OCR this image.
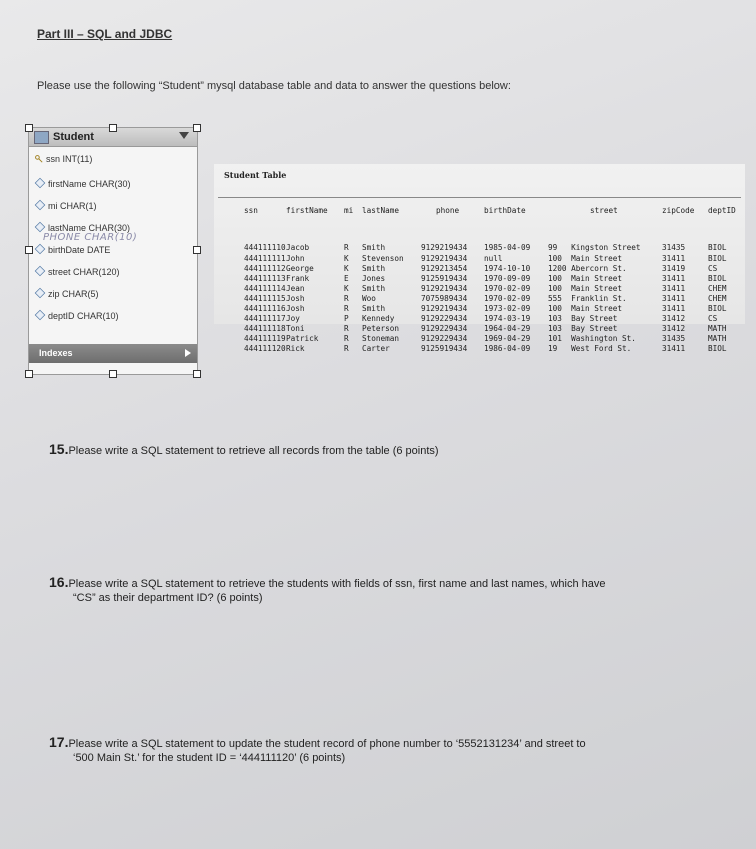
Part III – SQL and JDBC
Please use the following “Student” mysql database table and data to answer the questions below:
Student
ssn INT(11)
firstName CHAR(30)
mi CHAR(1)
lastName CHAR(30)
PHONE CHAR(10)
birthDate DATE
street CHAR(120)
zip CHAR(5)
deptID CHAR(10)
Indexes
Student Table

ssn

444111110
444111111
444111112
444111113
444111114
444111115
444111116
444111117
444111118
444111119
444111120

firstName

Jacob
John
George
Frank
Jean
Josh
Josh
Joy
Toni
Patrick
Rick

mi

R
K
K
E
K
R
R
P
R
R
R

lastName

Smith
Stevenson
Smith
Jones
Smith
Woo
Smith
Kennedy
Peterson
Stoneman
Carter

phone

9129219434
9129219434
9129213454
9125919434
9129219434
7075989434
9129219434
9129229434
9129229434
9129229434
9125919434

birthDate

1985-04-09
null
1974-10-10
1970-09-09
1970-02-09
1970-02-09
1973-02-09
1974-03-19
1964-04-29
1969-04-29
1986-04-09

street

99   Kingston Street
100  Main Street
1200 Abercorn St.
100  Main Street
100  Main Street
555  Franklin St.
100  Main Street
103  Bay Street
103  Bay Street
101  Washington St.
19   West Ford St.

zipCode

31435
31411
31419
31411
31411
31411
31411
31412
31412
31435
31411

deptID

BIOL
BIOL
CS
BIOL
CHEM
CHEM
BIOL
CS
MATH
MATH
BIOL

15.Please write a SQL statement to retrieve all records from the table (6 points)
16.Please write a SQL statement to retrieve the students with fields of ssn, first name and last names, which have
“CS” as their department ID? (6 points)
17.Please write a SQL statement to update the student record of phone number to ‘5552131234’ and street to
‘500 Main St.’ for the student ID = ‘444111120’ (6 points)
